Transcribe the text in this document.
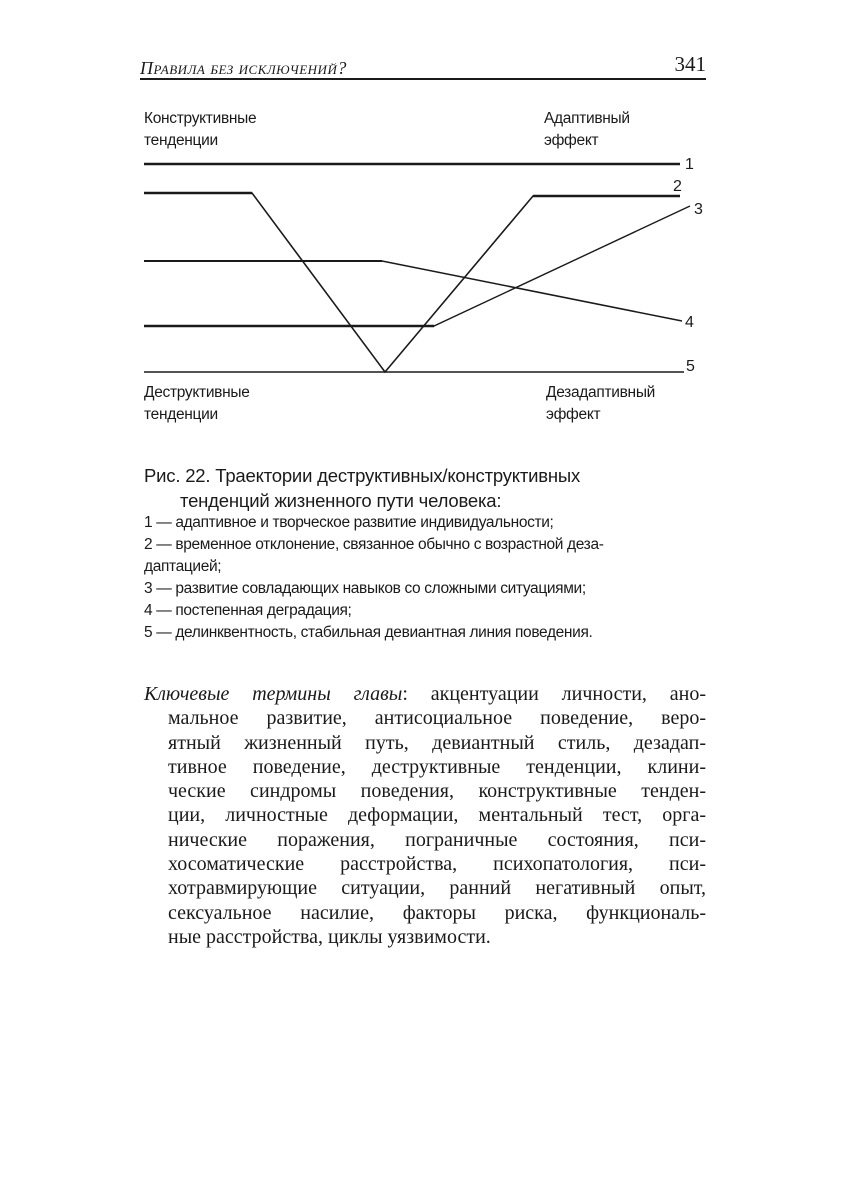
Правила без исключений?	341
Конструктивные
тенденции
Адаптивный
эффект
Деструктивные
тенденции
Дезадаптивный
эффект
1
2
3
4
5
Рис. 22. Траектории деструктивных/конструктивных
тенденций жизненного пути человека:
1 — адаптивное и творческое развитие индивидуальности;
2 — временное отклонение, связанное обычно с возрастной деза-
даптацией;
3 — развитие совладающих навыков со сложными ситуациями;
4 — постепенная деградация;
5 — делинквентность, стабильная девиантная линия поведения.
Ключевые термины главы: акцентуации личности, ано-
мальное развитие, антисоциальное поведение, веро-
ятный жизненный путь, девиантный стиль, дезадап-
тивное поведение, деструктивные тенденции, клини-
ческие синдромы поведения, конструктивные тенден-
ции, личностные деформации, ментальный тест, орга-
нические поражения, пограничные состояния, пси-
хосоматические расстройства, психопатология, пси-
хотравмирующие ситуации, ранний негативный опыт,
сексуальное насилие, факторы риска, функциональ-
ные расстройства, циклы уязвимости.
